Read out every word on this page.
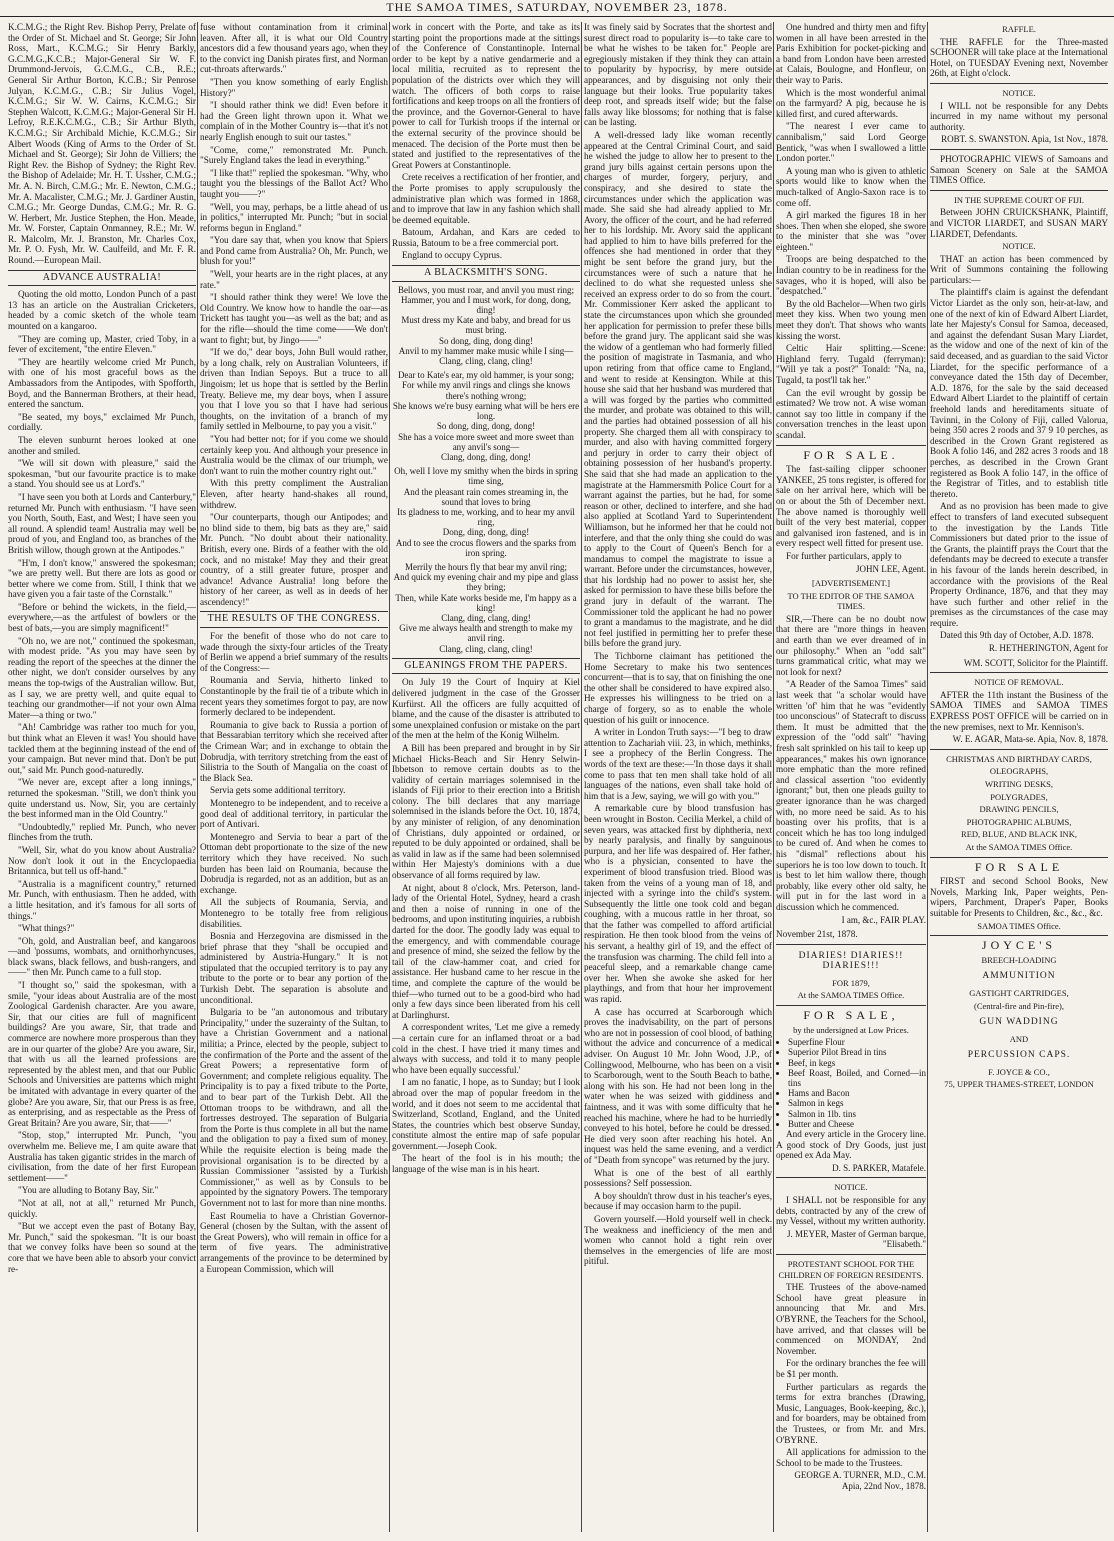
THE SAMOA TIMES, SATURDAY, NOVEMBER 23, 1878.

K.C.M.G.; the Right Rev. Bishop Perry, Prelate of the Order of St. Michael and St. George; Sir John Ross, Mart., K.C.M.G.; Sir Henry Barkly, G.C.M.G.,K.C.B.; Major-General Sir W. F. Drummond-Jervois, G.C.M.G., C.B., R.E.; General Sir Arthur Borton, K.C.B.; Sir Penrose Julyan, K.C.M.G., C.B.; Sir Julius Vogel, K.C.M.G.; Sir W. W. Cairns, K.C.M.G.; Sir Stephen Walcott, K.C.M.G.; Major-General Sir H. Lefroy, R.E.K.C.M.G., C.B.; Sir Arthur Blyth, K.C.M.G.; Sir Archibald Michie, K.C.M.G.; Sir Albert Woods (King of Arms to the Order of St. Michael and St. George); Sir John de Villiers; the Right Rev. the Bishop of Sydney; the Right Rev. the Bishop of Adelaide; Mr. H. T. Ussher, C.M.G.; Mr. A. N. Birch, C.M.G.; Mr. E. Newton, C.M.G.; Mr. A. Macalister, C.M.G.; Mr. J. Gardiner Austin, C.M.G.; Mr. George Dundas, C.M.G.; Mr. R. G. W. Herbert, Mr. Justice Stephen, the Hon. Meade, Mr. W. Forster, Captain Onmanney, R.E.; Mr. W. R. Malcolm, Mr. J. Branston, Mr. Charles Cox, Mr. P. O. Fysh, Mr. W. Caulfeild, and Mr. F. R. Round.—European Mail.

ADVANCE AUSTRALIA!

Quoting the old motto, London Punch of a past 13 has an article on the Australian Cricketers, headed by a comic sketch of the whole team mounted on a kangaroo.

"They are coming up, Master, cried Toby, in a fever of excitement, "the entire Eleven."

"They are heartily welcome cried Mr Punch, with one of his most graceful bows as the Ambassadors from the Antipodes, with Spofforth, Boyd, and the Bannerman Brothers, at their head, entered the sanctum.

"Be seated, my boys," exclaimed Mr Punch, cordially.

The eleven sunburnt heroes looked at one another and smiled.

"We will sit down with pleasure," said the spokesman, "but our favourite practice is to make a stand. You should see us at Lord's."

"I have seen you both at Lords and Canterbury," returned Mr. Punch with enthusiasm. "I have seen you North, South, East, and West; I have seen you all round. A splendid team! Australia may well be proud of you, and England too, as branches of the British willow, though grown at the Antipodes."

"H'm, I don't know," answered the spokesman; "we are pretty well. But there are lots as good or better where we come from. Still, I think that we have given you a fair taste of the Cornstalk."

"Before or behind the wickets, in the field,—everywhere,—as the artfulest of bowlers or the best of bats,—you are simply magnificent!"

"Oh no, we are not," continued the spokesman, with modest pride. "As you may have seen by reading the report of the speeches at the dinner the other night, we don't consider ourselves by any means the top-twigs of the Australian willow. But, as I say, we are pretty well, and quite equal to teaching our grandmother—if not your own Alma Mater—a thing or two."

"Ah! Cambridge was rather too much for you, but think what an Eleven it was! You should have tackled them at the beginning instead of the end of your campaign. But never mind that. Don't be put out," said Mr. Punch good-naturedly.

"We never are, except after a long innings," returned the spokesman. "Still, we don't think you quite understand us. Now, Sir, you are certainly the best informed man in the Old Country."

"Undoubtedly," replied Mr. Punch, who never flinches from the truth.

"Well, Sir, what do you know about Australia? Now don't look it out in the Encyclopaedia Britannica, but tell us off-hand."

"Australia is a magnificent country," returned Mr. Punch, with enthusiasm. Then he added, with a little hesitation, and it's famous for all sorts of things."

"What things?"

"Oh, gold, and Australian beef, and kangaroos—and 'possums, wombats, and ornithorhyncuses, black swans, black fellows, and bush-rangers, and——" then Mr. Punch came to a full stop.

"I thought so," said the spokesman, with a smile, "your ideas about Australia are of the most Zoological Gardenish character. Are you aware, Sir, that our cities are full of magnificent buildings? Are you aware, Sir, that trade and commerce are nowhere more prosperous than they are in our quarter of the globe? Are you aware, Sir, that with us all the learned professions are represented by the ablest men, and that our Public Schools and Universities are patterns which might be imitated with advantage in every quarter of the globe? Are you aware, Sir, that our Press is as free, as enterprising, and as respectable as the Press of Great Britain? Are you aware, Sir, that——"

"Stop, stop," interrupted Mr. Punch, "you overwhelm me. Believe me, I am quite aware that Australia has taken gigantic strides in the march of civilisation, from the date of her first European settlement——"

"You are alluding to Botany Bay, Sir."

"Not at all, not at all," returned Mr Punch, quickly.

"But we accept even the past of Botany Bay, Mr. Punch," said the spokesman. "It is our boast that we convey folks have been so sound at the core that we have been able to absorb your convict re-

fuse without contamination from it criminal leaven. After all, it is what our Old Country ancestors did a few thousand years ago, when they to the convict ing Danish pirates first, and Norman cut-throats afterwards."

"Then you know something of early English History?"

"I should rather think we did! Even before it had the Green light thrown upon it. What we complain of in the Mother Country is—that it's not nearly English enough to suit our tastes."

"Come, come," remonstrated Mr. Punch. "Surely England takes the lead in everything."

"I like that!" replied the spokesman. "Why, who taught you the blessings of the Ballot Act? Who taught you——?"

"Well, you may, perhaps, be a little ahead of us in politics," interrupted Mr. Punch; "but in social reforms begun in England."

"You dare say that, when you know that Spiers and Pond came from Australia? Oh, Mr. Punch, we blush for you!"

"Well, your hearts are in the right places, at any rate."

"I should rather think they were! We love the Old Country. We know how to handle the oar—as Trickett has taught you—as well as the bat; and as for the rifle—should the time come——We don't want to fight; but, by Jingo——"

"If we do," dear boys, John Bull would rather, by a long chalk, rely on Australian Volunteers, if driven than Indian Sepoys. But a truce to all Jingoism; let us hope that is settled by the Berlin Treaty. Believe me, my dear boys, when I assure you that I love you so that I have had serious thoughts, on the invitation of a branch of my family settled in Melbourne, to pay you a visit."

"You had better not; for if you come we should certainly keep you. And although your presence in Australia would be the climax of our triumph, we don't want to ruin the mother country right out."

With this pretty compliment the Australian Eleven, after hearty hand-shakes all round, withdrew.

"Our counterparts, though our Antipodes; and no blind side to them, big bats as they are," said Mr. Punch. "No doubt about their nationality. British, every one. Birds of a feather with the old cock, and no mistake! May they and their great country, of a still greater future, prosper and advance! Advance Australia! long before the history of her career, as well as in deeds of her ascendency!"

THE RESULTS OF THE CONGRESS.

For the benefit of those who do not care to wade through the sixty-four articles of the Treaty of Berlin we append a brief summary of the results of the Congress:—

Roumania and Servia, hitherto linked to Constantinople by the frail tie of a tribute which in recent years they sometimes forgot to pay, are now formerly declared to be independent.

Roumania to give back to Russia a portion of that Bessarabian territory which she received after the Crimean War; and in exchange to obtain the Dobrudja, with territory stretching from the east of Silistria to the South of Mangalia on the coast of the Black Sea.

Servia gets some additional territory.

Montenegro to be independent, and to receive a good deal of additional territory, in particular the port of Antivari.

Montenegro and Servia to bear a part of the Ottoman debt proportionate to the size of the new territory which they have received. No such burden has been laid on Roumania, because the Dobrudja is regarded, not as an addition, but as an exchange.

All the subjects of Roumania, Servia, and Montenegro to be totally free from religious disabilities.

Bosnia and Herzegovina are dismissed in the brief phrase that they "shall be occupied and administered by Austria-Hungary." It is not stipulated that the occupied territory is to pay any tribute to the porte or to bear any portion of the Turkish Debt. The separation is absolute and unconditional.

Bulgaria to be "an autonomous and tributary Principality," under the suzerainty of the Sultan, to have a Christian Government and a national militia; a Prince, elected by the people, subject to the confirmation of the Porte and the assent of the Great Powers; a representative form of Government; and complete religious equality. The Principality is to pay a fixed tribute to the Porte, and to bear part of the Turkish Debt. All the Ottoman troops to be withdrawn, and all the fortresses destroyed. The separation of Bulgaria from the Porte is thus complete in all but the name and the obligation to pay a fixed sum of money. While the requisite election is being made the provisional organisation is to be directed by a Russian Commissioner "assisted by a Turkish Commissioner," as well as by Consuls to be appointed by the signatory Powers. The temporary Government not to last for more than nine months.

East Roumelia to have a Christian Governor-General (chosen by the Sultan, with the assent of the Great Powers), who will remain in office for a term of five years. The administrative arrangements of the province to be determined by a European Commission, which will

work in concert with the Porte, and take as its starting point the proportions made at the sittings of the Conference of Constantinople. Internal order to be kept by a native gendarmerie and a local militia, recruited as to represent the population of the districts over which they will watch. The officers of both corps to raise fortifications and keep troops on all the frontiers of the province, and the Governor-General to have power to call for Turkish troops if the internal or the external security of the province should be menaced. The decision of the Porte must then be stated and justified to the representatives of the Great Powers at Constantinople.

Crete receives a rectification of her frontier, and the Porte promises to apply scrupulously the administrative plan which was formed in 1868, and to improve that law in any fashion which shall be deemed equitable.

Batoum, Ardahan, and Kars are ceded to Russia, Batoum to be a free commercial port.

England to occupy Cyprus.

A BLACKSMITH'S SONG.
Bellows, you must roar, and anvil you must ring;
Hammer, you and I must work, for dong, dong, ding!
Must dress my Kate and baby, and bread for us must bring.
So dong, ding, dong ding!
Anvil to my hammer make music while I sing—
Clang, cling, clang, cling!
Dear to Kate's ear, my old hammer, is your song;
For while my anvil rings and clings she knows there's nothing wrong;
She knows we're busy earning what will be hers ere long.
So dong, ding, dong, dong!
She has a voice more sweet and more sweet than any anvil's song—
Clang, dong, ding, dong!
Oh, well I love my smithy when the birds in spring time sing,
And the pleasant rain comes streaming in, the sound that loves to bring
Its gladness to me, working, and to hear my anvil ring,
Dong, ding, dong, ding!
And to see the crocus flowers and the sparks from iron spring.
Merrily the hours fly that bear my anvil ring;
And quick my evening chair and my pipe and glass they bring;
Then, while Kate works beside me, I'm happy as a king!
Clang, ding, clang, ding!
Give me always health and strength to make my anvil ring.
Clang, cling, clang, cling!
GLEANINGS FROM THE PAPERS.

On July 19 the Court of Inquiry at Kiel delivered judgment in the case of the Grosser Kurfürst. All the officers are fully acquitted of blame, and the cause of the disaster is attributed to some unexplained confusion or mistake on the part of the men at the helm of the Konig Wilhelm.

A Bill has been prepared and brought in by Sir Michael Hicks-Beach and Sir Henry Selwin-Ibbetson to remove certain doubts as to the validity of certain marriages solemnised in the islands of Fiji prior to their erection into a British colony. The bill declares that any marriage solemnised in the islands before the Oct. 10, 1874, by any minister of religion, of any denomination of Christians, duly appointed or ordained, or reputed to be duly appointed or ordained, shall be as valid in law as if the same had been solemnised within Her Majesty's dominions with a due observance of all forms required by law.

At night, about 8 o'clock, Mrs. Peterson, land-lady of the Oriental Hotel, Sydney, heard a crash and then a noise of running in one of the bedrooms, and upon instituting inquiries, a rubbish darted for the door. The goodly lady was equal to the emergency, and with commendable courage and presence of mind, she seized the fellow by the tail of the claw-hammer coat, and cried for assistance. Her husband came to her rescue in the time, and complete the capture of the would be thief—who turned out to be a good-bird who had only a few days since been liberated from his cell at Darlinghurst.

A correspondent writes, 'Let me give a remedy—a certain cure for an inflamed throat or a bad cold in the chest. I have tried it many times and always with success, and told it to many people who have been equally successful.'

I am no fanatic, I hope, as to Sunday; but I look abroad over the map of popular freedom in the world, and it does not seem to me accidental that Switzerland, Scotland, England, and the United States, the countries which best observe Sunday, constitute almost the entire map of safe popular government.—Joseph Cook.

The heart of the fool is in his mouth; the language of the wise man is in his heart.

It was finely said by Socrates that the shortest and surest direct road to popularity is—to take care to be what he wishes to be taken for." People are egregiously mistaken if they think they can attain to popularity by hypocrisy, by mere outside appearances, and by disguising not only their language but their looks. True popularity takes deep root, and spreads itself wide; but the false falls away like blossoms; for nothing that is false can be lasting.

A well-dressed lady like woman recently appeared at the Central Criminal Court, and said he wished the judge to allow her to present to the grand jury bills against certain persons upon the charges of murder, forgery, perjury, and conspiracy, and she desired to state the circumstances under which the application was made. She said she had already applied to Mr. Avory, the officer of the court, and he had referred her to his lordship. Mr. Avory said the applicant had applied to him to have bills preferred for the offences she had mentioned in order that they might be sent before the grand jury, but the circumstances were of such a nature that he declined to do what she requested unless she received an express order to do so from the court. Mr. Commissioner Kerr asked the applicant to state the circumstances upon which she grounded her application for permission to prefer these bills before the grand jury. The applicant said she was the widow of a gentleman who had formerly filled the position of magistrate in Tasmania, and who upon retiring from that office came to England, and went to reside at Kensington. While at this house she said that her husband was murdered that a will was forged by the parties who committed the murder, and probate was obtained to this will, and the parties had obtained possession of all his property. She charged them all with conspiracy to murder, and also with having committed forgery and perjury in order to carry their object of obtaining possession of her husband's property. She said that she had made an application to the magistrate at the Hammersmith Police Court for a warrant against the parties, but he had, for some reason or other, declined to interfere, and she had also applied at Scotland Yard to Superintendent Williamson, but he informed her that he could not interfere, and that the only thing she could do was to apply to the Court of Queen's Bench for a mandamus to compel the magistrate to issue a warrant. Before under the circumstances, however, that his lordship had no power to assist her, she asked for permission to have these bills before the grand jury in default of the warrant. The Commissioner told the applicant he had no power to grant a mandamus to the magistrate, and he did not feel justified in permitting her to prefer these bills before the grand jury.

The Tichborne claimant has petitioned the Home Secretary to make his two sentences concurrent—that is to say, that on finishing the one the other shall be considered to have expired also. He expresses his willingness to be tried on a charge of forgery, so as to enable the whole question of his guilt or innocence.

A writer in London Truth says:—"I beg to draw attention to Zachariah viii. 23, in which, methinks, I see a prophecy of the Berlin Congress. The words of the text are these:—'In those days it shall come to pass that ten men shall take hold of all languages of the nations, even shall take hold of him that is a Jew, saying, we will go with you.'"

A remarkable cure by blood transfusion has been wrought in Boston. Cecilia Merkel, a child of seven years, was attacked first by diphtheria, next by nearly paralysis, and finally by sanguinous purpura, and her life was despaired of. Her father, who is a physician, consented to have the experiment of blood transfusion tried. Blood was taken from the veins of a young man of 18, and injected with a syringe into the child's system. Subsequently the little one took cold and began coughing, with a mucous rattle in her throat, so that the father was compelled to afford artificial respiration. He then took blood from the veins of his servant, a healthy girl of 19, and the effect of the transfusion was charming. The child fell into a peaceful sleep, and a remarkable change came over her. When she awoke she asked for her playthings, and from that hour her improvement was rapid.

A case has occurred at Scarborough which proves the inadvisability, on the part of persons who are not in possession of cool blood, of bathing without the advice and concurrence of a medical adviser. On August 10 Mr. John Wood, J.P., of Collingwood, Melbourne, who has been on a visit to Scarborough, went to the South Beach to bathe, along with his son. He had not been long in the water when he was seized with giddiness and faintness, and it was with some difficulty that he reached his machine, where he had to be hurriedly conveyed to his hotel, before he could be dressed. He died very soon after reaching his hotel. An inquest was held the same evening, and a verdict of "Death from syncope" was returned by the jury.

What is one of the best of all earthly possessions? Self possession.

A boy shouldn't throw dust in his teacher's eyes, because if may occasion harm to the pupil.

Govern yourself.—Hold yourself well in check. The weakness and inefficiency of the men and women who cannot hold a tight rein over themselves in the emergencies of life are most pitiful.

One hundred and thirty men and fifty women in all have been arrested in the Paris Exhibition for pocket-picking and a band from London have been arrested at Calais, Boulogne, and Honfleur, on their way to Paris.

Which is the most wonderful animal on the farmyard? A pig, because he is killed first, and cured afterwards.

"The nearest I ever came to cannibalism," said Lord George Bentick, "was when I swallowed a little London porter."

A young man who is given to athletic sports would like to know when the much-talked of Anglo-Saxon race is to come off.

A girl marked the figures 18 in her shoes. Then when she eloped, she swore to the minister that she was "over eighteen."

Troops are being despatched to the Indian country to be in readiness for the savages, who it is hoped, will also be "despatched."

By the old Bachelor—When two girls meet they kiss. When two young men meet they don't. That shows who wants kissing the worst.

Celtic Hair splitting.—Scene: Highland ferry. Tugald (ferryman): "Will ye tak a post?" Tonald: "Na, na, Tugald, ta post'll tak her."

Can the evil wrought by gossip be estimated? We trow not. A wise woman cannot say too little in company if the conversation trenches in the least upon scandal.

FOR SALE.

The fast-sailing clipper schooner YANKEE, 25 tons register, is offered for sale on her arrival here, which will be on or about the 5th of December next. The above named is thoroughly well built of the very best material, copper and galvanised iron fastened, and is in every respect well fitted for present use.

For further particulars, apply to

JOHN LEE, Agent.
[ADVERTISEMENT.]
TO THE EDITOR OF THE SAMOA TIMES.

SIR,—There can be no doubt now that there are "more things in heaven and earth than we ever dreamed of in our philosophy." When an "odd salt" turns grammatical critic, what may we not look for next?

"A Reader of the Samoa Times" said last week that "a scholar would have written 'of' him that he was "evidently too unconscious" of Statecraft to discuss them. It must be admitted that the expression of the "odd salt" "having fresh salt sprinkled on his tail to keep up appearances," makes his own ignorance more emphatic than the more refined and classical assertion "too evidently ignorant;" but, then one pleads guilty to greater ignorance than he was charged with, no more need be said. As to his boasting over his profits, that is a conceit which he has too long indulged to be cured of. And when he comes to his "dismal" reflections about his superiors he is too low down to touch. It is best to let him wallow there, though probably, like every other old salty, he will put in for the last word in a discussion which he commenced.

I am, &c., FAIR PLAY.

November 21st, 1878.

DIARIES! DIARIES!! DIARIES!!!
FOR 1879,
At the SAMOA TIMES Office.
FOR SALE,
by the undersigned at Low Prices.
• Superfine Flour
• Superior Pilot Bread in tins
• Beef, in kegs
• Beef Roast, Boiled, and Corned—in tins
• Hams and Bacon
• Salmon in kegs
• Salmon in 1lb. tins
• Butter and Cheese

And every article in the Grocery line. A good stock of Dry Goods, just just opened ex Ada May.

D. S. PARKER, Matafele.
NOTICE.

I SHALL not be responsible for any debts, contracted by any of the crew of my Vessel, without my written authority.

J. MEYER, Master of German barque, "Elisabeth."
PROTESTANT SCHOOL FOR THE CHILDREN OF FOREIGN RESIDENTS.

THE Trustees of the above-named School have great pleasure in announcing that Mr. and Mrs. O'BYRNE, the Teachers for the School, have arrived, and that classes will be commenced on MONDAY, 2nd November.

For the ordinary branches the fee will be $1 per month.

Further particulars as regards the terms for extra branches (Drawing, Music, Languages, Book-keeping, &c.), and for boarders, may be obtained from the Trustees, or from Mr. and Mrs. O'BYRNE.

All applications for admission to the School to be made to the Trustees.

GEORGE A. TURNER, M.D., C.M. Apia, 22nd Nov., 1878.
RAFFLE.

THE RAFFLE for the Three-masted SCHOONER will take place at the International Hotel, on TUESDAY Evening next, November 26th, at Eight o'clock.

NOTICE.

I WILL not be responsible for any Debts incurred in my name without my personal authority.

ROBT. S. SWANSTON. Apia, 1st Nov., 1878.

PHOTOGRAPHIC VIEWS of Samoans and Samoan Scenery on Sale at the SAMOA TIMES Office.

IN THE SUPREME COURT OF FIJI.

Between JOHN CRUICKSHANK, Plaintiff, and VICTOR LIARDET, and SUSAN MARY LIARDET, Defendants.

NOTICE.

THAT an action has been commenced by Writ of Summons containing the following particulars:—

The plaintiff's claim is against the defendant Victor Liardet as the only son, heir-at-law, and one of the next of kin of Edward Albert Liardet, late her Majesty's Consul for Samoa, deceased, and against the defendant Susan Mary Liardet, as the widow and one of the next of kin of the said deceased, and as guardian to the said Victor Liardet, for the specific performance of a conveyance dated the 15th day of December, A.D. 1876, for the sale by the said deceased Edward Albert Liardet to the plaintiff of certain freehold lands and hereditaments situate of Tavinni, in the Colony of Fiji, called Valorua, being 350 acres 2 roods and 37 9 10 perches, as described in the Crown Grant registered as Book A folio 146, and 282 acres 3 roods and 18 perches, as described in the Crown Grant registered as Book A folio 147, in the office of the Registrar of Titles, and to establish title thereto.

And as no provision has been made to give effect to transfers of land executed subsequent to the investigation by the Lands Title Commissioners but dated prior to the issue of the Grants, the plaintiff prays the Court that the defendants may be decreed to execute a transfer in his favour of the lands herein described, in accordance with the provisions of the Real Property Ordinance, 1876, and that they may have such further and other relief in the premises as the circumstances of the case may require.

Dated this 9th day of October, A.D. 1878.

R. HETHERINGTON, Agent for
WM. SCOTT, Solicitor for the Plaintiff.
NOTICE OF REMOVAL.

AFTER the 11th instant the Business of the SAMOA TIMES and SAMOA TIMES EXPRESS POST OFFICE will be carried on in the new premises, next to Mr. Kennison's.

W. E. AGAR, Mata-se. Apia, Nov. 8, 1878.
CHRISTMAS AND BIRTHDAY CARDS,
OLEOGRAPHS,
WRITING DESKS,
POLYGRADES,
DRAWING PENCILS,
PHOTOGRAPHIC ALBUMS,
RED, BLUE, AND BLACK INK,
At the SAMOA TIMES Office.
FOR SALE

FIRST and second School Books, New Novels, Marking Ink, Paper weights, Pen-wipers, Parchment, Draper's Paper, Books suitable for Presents to Children, &c., &c., &c.

SAMOA TIMES Office.
JOYCE'S
BREECH-LOADING
AMMUNITION
GASTIGHT CARTRIDGES,
(Central-fire and Pin-fire),
GUN WADDING
AND
PERCUSSION CAPS.
F. JOYCE & CO.,
75, UPPER THAMES-STREET, LONDON
